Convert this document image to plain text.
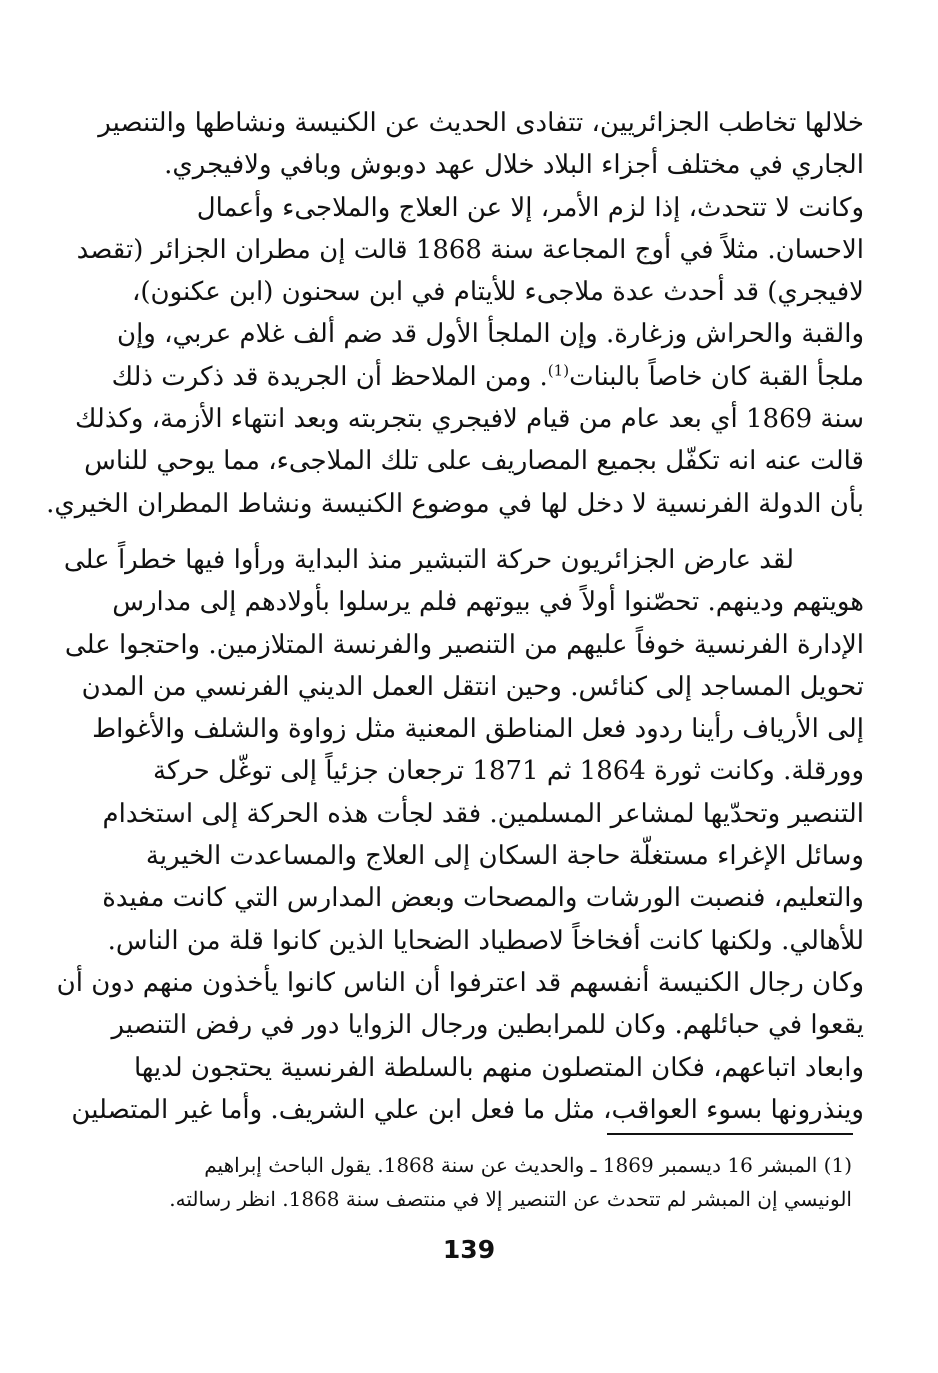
خلالها تخاطب الجزائريين، تتفادى الحديث عن الكنيسة ونشاطها والتنصير
الجاري في مختلف أجزاء البلاد خلال عهد دوبوش وبافي ولافيجري.
وكانت لا تتحدث، إذا لزم الأمر، إلا عن العلاج والملاجىء وأعمال
الاحسان. مثلاً في أوج المجاعة سنة 1868 قالت إن مطران الجزائر (تقصد
لافيجري) قد أحدث عدة ملاجىء للأيتام في ابن سحنون (ابن عكنون)،
والقبة والحراش وزغارة. وإن الملجأ الأول قد ضم ألف غلام عربي، وإن
ملجأ القبة كان خاصاً بالبنات$^{(1)}$. ومن الملاحظ أن الجريدة قد ذكرت ذلك
سنة 1869 أي بعد عام من قيام لافيجري بتجربته وبعد انتهاء الأزمة، وكذلك
قالت عنه انه تكفّل بجميع المصاريف على تلك الملاجىء، مما يوحي للناس
بأن الدولة الفرنسية لا دخل لها في موضوع الكنيسة ونشاط المطران الخيري.
لقد عارض الجزائريون حركة التبشير منذ البداية ورأوا فيها خطراً على
هويتهم ودينهم. تحصّنوا أولاً في بيوتهم فلم يرسلوا بأولادهم إلى مدارس
الإدارة الفرنسية خوفاً عليهم من التنصير والفرنسة المتلازمين. واحتجوا على
تحويل المساجد إلى كنائس. وحين انتقل العمل الديني الفرنسي من المدن
إلى الأرياف رأينا ردود فعل المناطق المعنية مثل زواوة والشلف والأغواط
وورقلة. وكانت ثورة 1864 ثم 1871 ترجعان جزئياً إلى توغّل حركة
التنصير وتحدّيها لمشاعر المسلمين. فقد لجأت هذه الحركة إلى استخدام
وسائل الإغراء مستغلّة حاجة السكان إلى العلاج والمساعدت الخيرية
والتعليم، فنصبت الورشات والمصحات وبعض المدارس التي كانت مفيدة
للأهالي. ولكنها كانت أفخاخاً لاصطياد الضحايا الذين كانوا قلة من الناس.
وكان رجال الكنيسة أنفسهم قد اعترفوا أن الناس كانوا يأخذون منهم دون أن
يقعوا في حبائلهم. وكان للمرابطين ورجال الزوايا دور في رفض التنصير
وابعاد اتباعهم، فكان المتصلون منهم بالسلطة الفرنسية يحتجون لديها
وينذرونها بسوء العواقب، مثل ما فعل ابن علي الشريف. وأما غير المتصلين
(1) المبشر 16 ديسمبر 1869 ـ والحديث عن سنة 1868. يقول الباحث إبراهيم
الونيسي إن المبشر لم تتحدث عن التنصير إلا في منتصف سنة 1868. انظر رسالته.
139
